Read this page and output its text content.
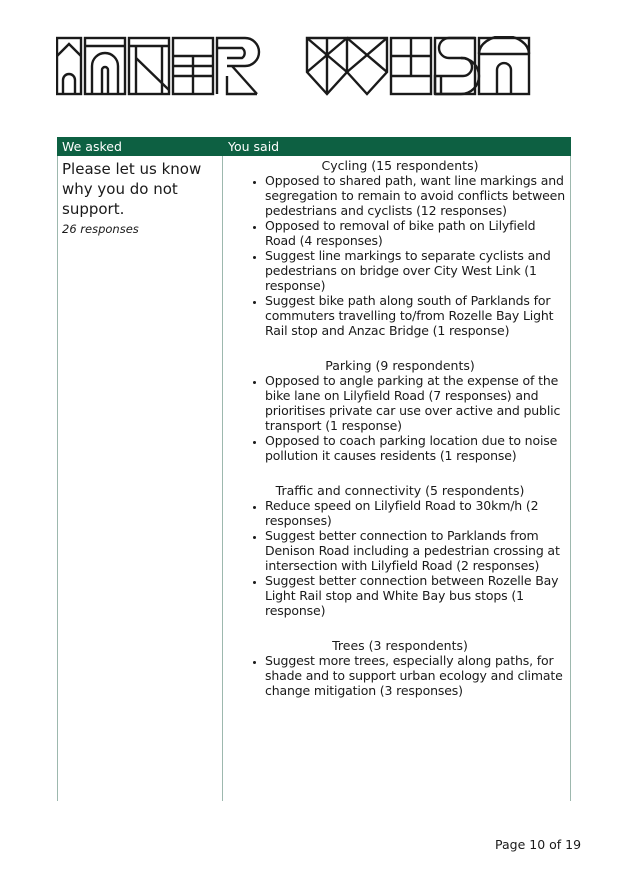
We asked	You said

Please let us know why you do not support.

26 responses
Cycling (15 respondents)
• Opposed to shared path, want line markings and segregation to remain to avoid conflicts between pedestrians and cyclists (12 responses)
• Opposed to removal of bike path on Lilyfield Road (4 responses)
• Suggest line markings to separate cyclists and pedestrians on bridge over City West Link (1 response)
• Suggest bike path along south of Parklands for commuters travelling to/from Rozelle Bay Light Rail stop and Anzac Bridge (1 response)
Parking (9 respondents)
• Opposed to angle parking at the expense of the bike lane on Lilyfield Road (7 responses) and prioritises private car use over active and public transport (1 response)
• Opposed to coach parking location due to noise pollution it causes residents (1 response)
Traffic and connectivity (5 respondents)
• Reduce speed on Lilyfield Road to 30km/h (2 responses)
• Suggest better connection to Parklands from Denison Road including a pedestrian crossing at intersection with Lilyfield Road (2 responses)
• Suggest better connection between Rozelle Bay Light Rail stop and White Bay bus stops (1 response)
Trees (3 respondents)
• Suggest more trees, especially along paths, for shade and to support urban ecology and climate change mitigation (3 responses)
Page 10 of 19
